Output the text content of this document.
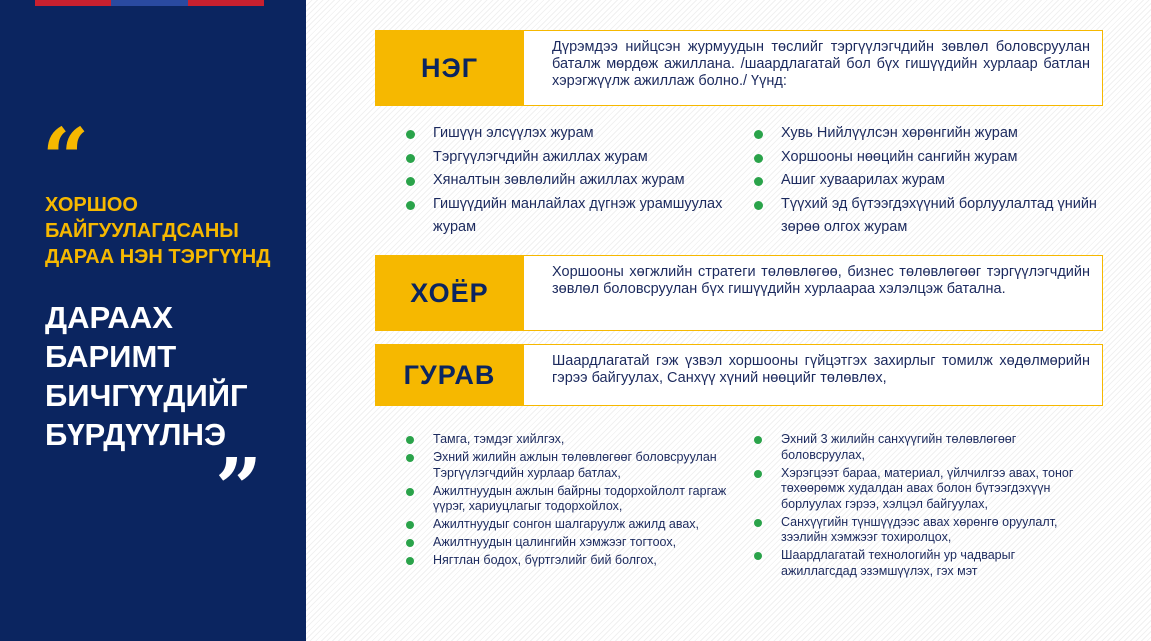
“
ХОРШОО БАЙГУУЛАГДСАНЫ ДАРАА НЭН ТЭРГҮҮНД
ДАРААХ БАРИМТ БИЧГҮҮДИЙГ БҮРДҮҮЛНЭ
”
НЭГ
Дүрэмдээ нийцсэн журмуудын төслийг тэргүүлэгчдийн зөвлөл боловсруулан баталж мөрдөж ажиллана. /шаардлагатай бол бүх гишүүдийн хурлаар батлан хэрэгжүүлж ажиллаж болно./ Үүнд:
Гишүүн элсүүлэх журам
Тэргүүлэгчдийн ажиллах журам
Хяналтын зөвлөлийн ажиллах журам
Гишүүдийн манлайлах дүгнэж урамшуулах журам
Хувь Нийлүүлсэн хөрөнгийн журам
Хоршооны нөөцийн сангийн журам
Ашиг хуваарилах журам
Түүхий эд бүтээгдэхүүний борлуулалтад үнийн зөрөө олгох журам
ХОЁР
Хоршооны хөгжлийн стратеги төлөвлөгөө, бизнес төлөвлөгөөг тэргүүлэгчдийн зөвлөл боловсруулан бүх гишүүдийн хурлаараа хэлэлцэж батална.
ГУРАВ	Шаардлагатай гэж үзвэл хоршооны гүйцэтгэх захирлыг томилж хөдөлмөрийн гэрээ байгуулах, Санхүү хүний нөөцийг төлөвлөх,
Тамга, тэмдэг хийлгэх,
Эхний жилийн ажлын төлөвлөгөөг боловсруулан Тэргүүлэгчдийн хурлаар батлах,
Ажилтнуудын ажлын байрны тодорхойлолт гаргаж үүрэг, хариуцлагыг тодорхойлох,
Ажилтнуудыг сонгон шалгаруулж ажилд авах,
Ажилтнуудын цалингийн хэмжээг тогтоох,
Нягтлан бодох, бүртгэлийг бий болгох,
Эхний 3 жилийн санхүүгийн төлөвлөгөөг боловсруулах,
Хэрэгцээт бараа, материал, үйлчилгээ авах, тоног төхөөрөмж худалдан авах болон бүтээгдэхүүн борлуулах гэрээ, хэлцэл байгуулах,
Санхүүгийн түншүүдээс авах хөрөнгө оруулалт, зээлийн хэмжээг тохиролцох,
Шаардлагатай технологийн ур чадварыг ажиллагсдад эзэмшүүлэх, гэх мэт
